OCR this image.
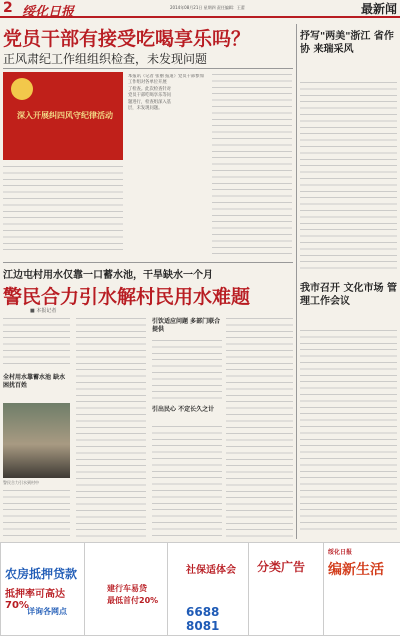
2 绥化日报	2014年08月21日 星期四 责任编辑：王蕾	最新闻
党员干部有接受吃喝享乐吗？
正风肃纪工作组组织检查，未发现问题
深入开展纠四风守纪律活动
本报讯（记者 张丽 报道）党员干部参加
工作组对各单位开展
了检查。此次检查针对
党员干部吃喝享乐等问
题进行，检查组深入基
层，未发现问题。
抒写"两美"浙江 省作协 来瑞采风
我市召开 文化市场 管理工作会议
江边屯村用水仅靠一口蓄水池，干旱缺水一个月
警民合力引水解村民用水难题
■ 本报记者
全村用水靠蓄水池 缺水困扰百姓
警民合力引水到村中
引饮适应问题 多部门联合提供
引出民心 不定长久之计
农房抵押贷款
抵押率可高达70%
详询各网点
建行车易贷
最低首付20%
社保适体会
6688 8081
分类广告
绥化日报
编新生活
